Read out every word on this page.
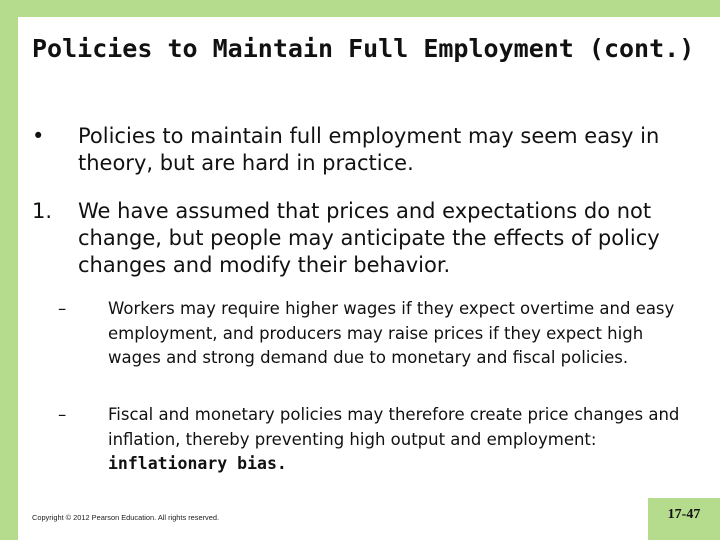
Policies to Maintain Full Employment (cont.)
• Policies to maintain full employment may seem easy in theory, but are hard in practice.
1. We have assumed that prices and expectations do not change, but people may anticipate the effects of policy changes and modify their behavior.
–	Workers may require higher wages if they expect overtime and easy employment, and producers may raise prices if they expect high wages and strong demand due to monetary and fiscal policies.
–	Fiscal and monetary policies may therefore create price changes and inflation, thereby preventing high output and employment: inflationary bias.
Copyright © 2012 Pearson Education. All rights reserved.	17-47
